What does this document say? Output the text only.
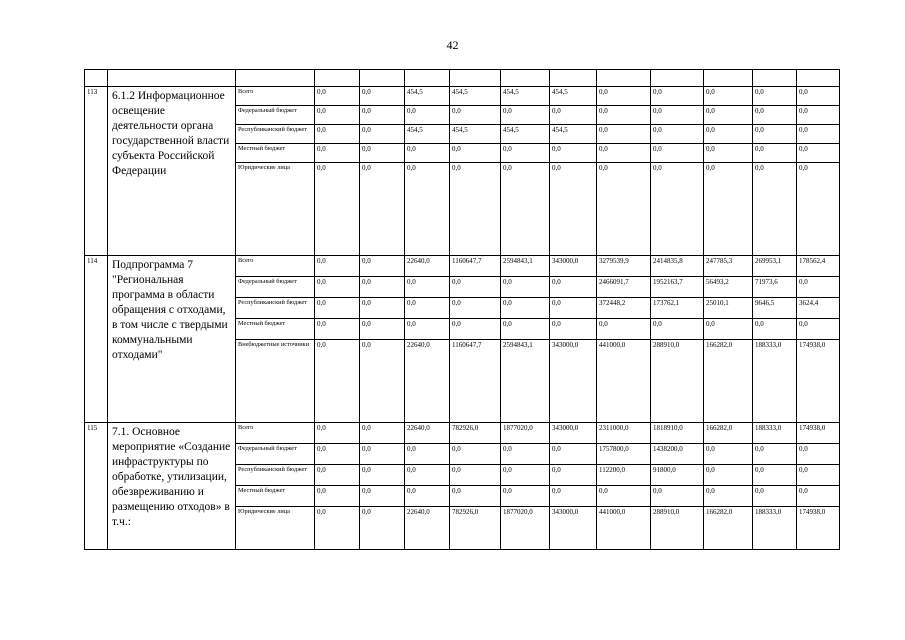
42

113	6.1.2 Информационное освещение деятельности органа государственной власти субъекта Российской Федерации	Всего	0,0	0,0	454,5	454,5	454,5	454,5	0,0	0,0	0,0	0,0	0,0
		Федеральный бюджет	0,0	0,0	0,0	0,0	0,0	0,0	0,0	0,0	0,0	0,0	0,0
		Республиканский бюджет	0,0	0,0	454,5	454,5	454,5	454,5	0,0	0,0	0,0	0,0	0,0
		Местный бюджет	0,0	0,0	0,0	0,0	0,0	0,0	0,0	0,0	0,0	0,0	0,0
		Юридические лица	0,0	0,0	0,0	0,0	0,0	0,0	0,0	0,0	0,0	0,0	0,0
114	Подпрограмма 7 "Региональная программа в области обращения с отходами, в том числе с твердыми коммунальными отходами"	Всего	0,0	0,0	22640,0	1160647,7	2594843,1	343000,0	3279539,9	2414835,8	247785,3	269953,1	178562,4
		Федеральный бюджет	0,0	0,0	0,0	0,0	0,0	0,0	2466091,7	1952163,7	56493,2	71973,6	0,0
		Республиканский бюджет	0,0	0,0	0,0	0,0	0,0	0,0	372448,2	173762,1	25010,1	9646,5	3624,4
		Местный бюджет	0,0	0,0	0,0	0,0	0,0	0,0	0,0	0,0	0,0	0,0	0,0
		Внебюджетные источники	0,0	0,0	22640,0	1160647,7	2594843,1	343000,0	441000,0	288910,0	166282,0	188333,0	174938,0
115	7.1. Основное мероприятие «Создание инфраструктуры по обработке, утилизации, обезвреживанию и размещению отходов» в т.ч.:	Всего	0,0	0,0	22640,0	782926,0	1877020,0	343000,0	2311000,0	1818910,0	166282,0	188333,0	174938,0
		Федеральный бюджет	0,0	0,0	0,0	0,0	0,0	0,0	1757800,0	1438200,0	0,0	0,0	0,0
		Республиканский бюджет	0,0	0,0	0,0	0,0	0,0	0,0	112200,0	91800,0	0,0	0,0	0,0
		Местный бюджет	0,0	0,0	0,0	0,0	0,0	0,0	0,0	0,0	0,0	0,0	0,0
		Юридические лица	0,0	0,0	22640,0	782926,0	1877020,0	343000,0	441000,0	288910,0	166282,0	188333,0	174938,0
